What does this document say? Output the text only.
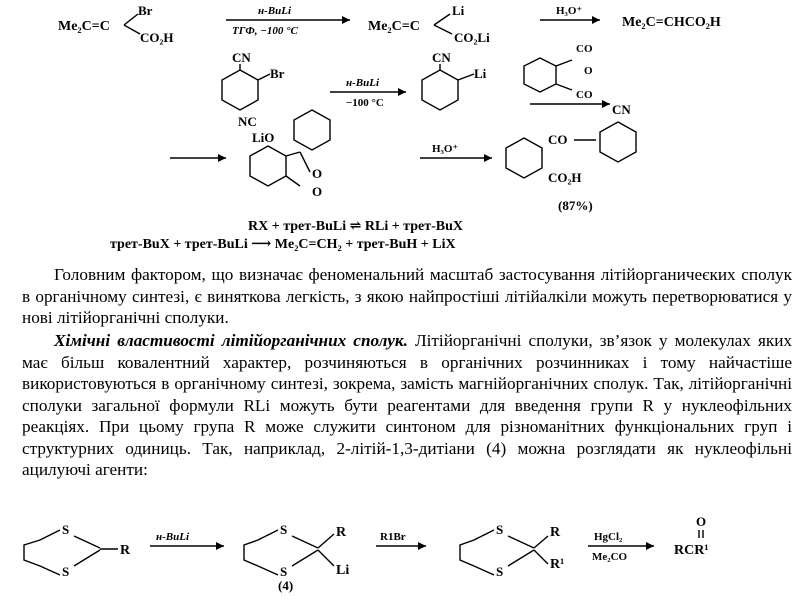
Me₂C=C
Br
CO₂H
н-BuLi
ТГФ, −100 °C	Me₂C=C
Li
CO₂Li
H₃O⁺
Me₂C=CHCO₂H
CN
Br
н-BuLi
−100 °C
CN
Li
CO
O
CO
NC
LiO
O
O
H₃O⁺
CO
CN
CO₂H
(87%)
RX + трет-BuLi ⇌ RLi + трет-BuX
трет-BuX + трет-BuLi ⟶ Me₂C=CH₂ + трет-BuH + LiX
Головним фактором, що визначає феноменальний масштаб застосування літійорганичеєких сполук в органічному синтезі, є виняткова легкість, з якою найпростіші літійалкіли можуть перетворюватися у нові літійорганічні сполуки.
Хімічні властивості літійорганічних сполук. Літійорганічні сполуки, зв’язок у молекулах яких має більш ковалентний характер, розчиняються в органічних розчинниках і тому найчастіше використовуються в органічному синтезі, зокрема, замість магнійорганічних сполук. Так, літійорганічні сполуки загальної формули RLi можуть бути реагентами для введення групи R у нуклеофільних реакціях. При цьому група R може служити синтоном для різноманітних функціональних груп і структурних одиниць. Так, наприклад, 2-літій-1,3-дитіани (4) можна розглядати як нуклеофільні ацилуючі агенти:
S
S
R
н-BuLi	S
S
R
Li
(4)
R1Br	S
S
R
R¹
HgCl₂
Me₂CO
O
RCR¹
